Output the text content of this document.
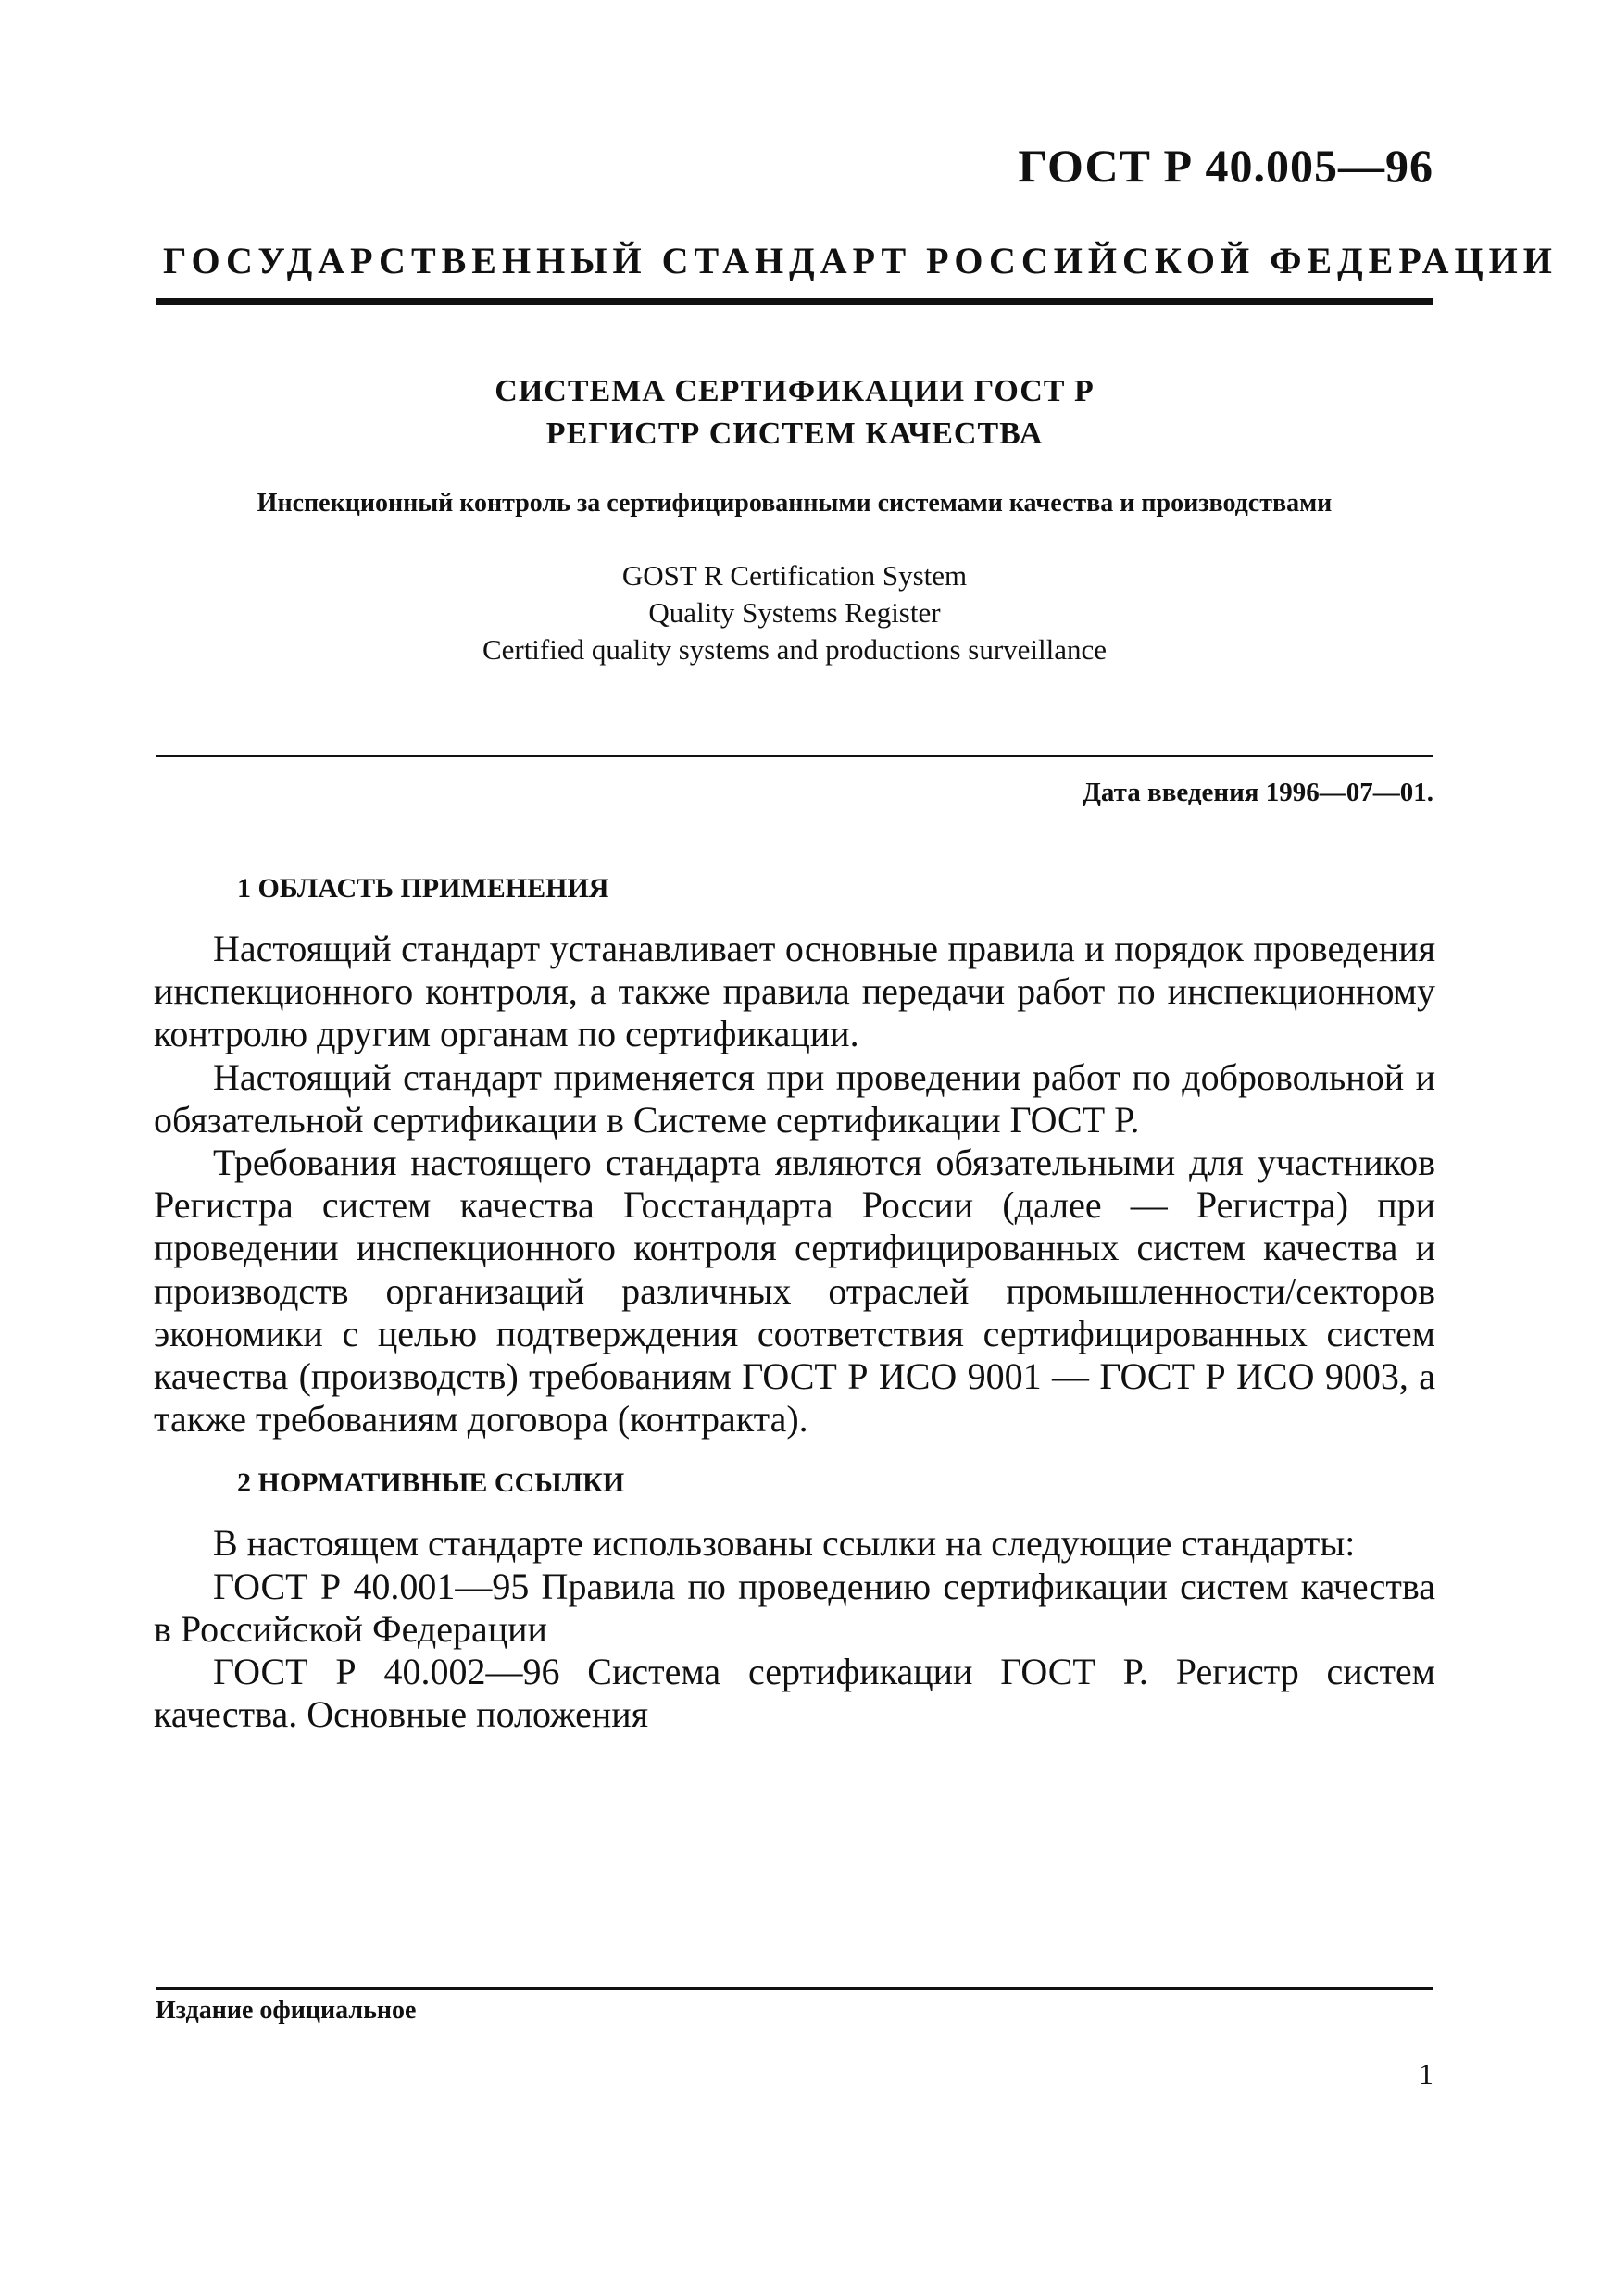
ГОСТ Р 40.005—96
ГОСУДАРСТВЕННЫЙ СТАНДАРТ РОССИЙСКОЙ ФЕДЕРАЦИИ
СИСТЕМА СЕРТИФИКАЦИИ ГОСТ Р
РЕГИСТР СИСТЕМ КАЧЕСТВА
Инспекционный контроль за сертифицированными системами качества и производствами
GOST R Certification System
Quality Systems Register
Certified quality systems and productions surveillance
Дата введения 1996—07—01.
1 ОБЛАСТЬ ПРИМЕНЕНИЯ

Настоящий стандарт устанавливает основные правила и порядок проведения инспекционного контроля, а также правила передачи работ по инспекционному контролю другим органам по сертификации.

Настоящий стандарт применяется при проведении работ по добровольной и обязательной сертификации в Системе сертификации ГОСТ Р.

Требования настоящего стандарта являются обязательными для участников Регистра систем качества Госстандарта России (далее — Регистра) при проведении инспекционного контроля сертифицированных систем качества и производств организаций различных отраслей промышленности/секторов экономики с целью подтверждения соответствия сертифицированных систем качества (производств) требованиям ГОСТ Р ИСО 9001 — ГОСТ Р ИСО 9003, а также требованиям договора (контракта).

2 НОРМАТИВНЫЕ ССЫЛКИ

В настоящем стандарте использованы ссылки на следующие стандарты:

ГОСТ Р 40.001—95 Правила по проведению сертификации систем качества в Российской Федерации

ГОСТ Р 40.002—96 Система сертификации ГОСТ Р. Регистр систем качества. Основные положения

Издание официальное
1
